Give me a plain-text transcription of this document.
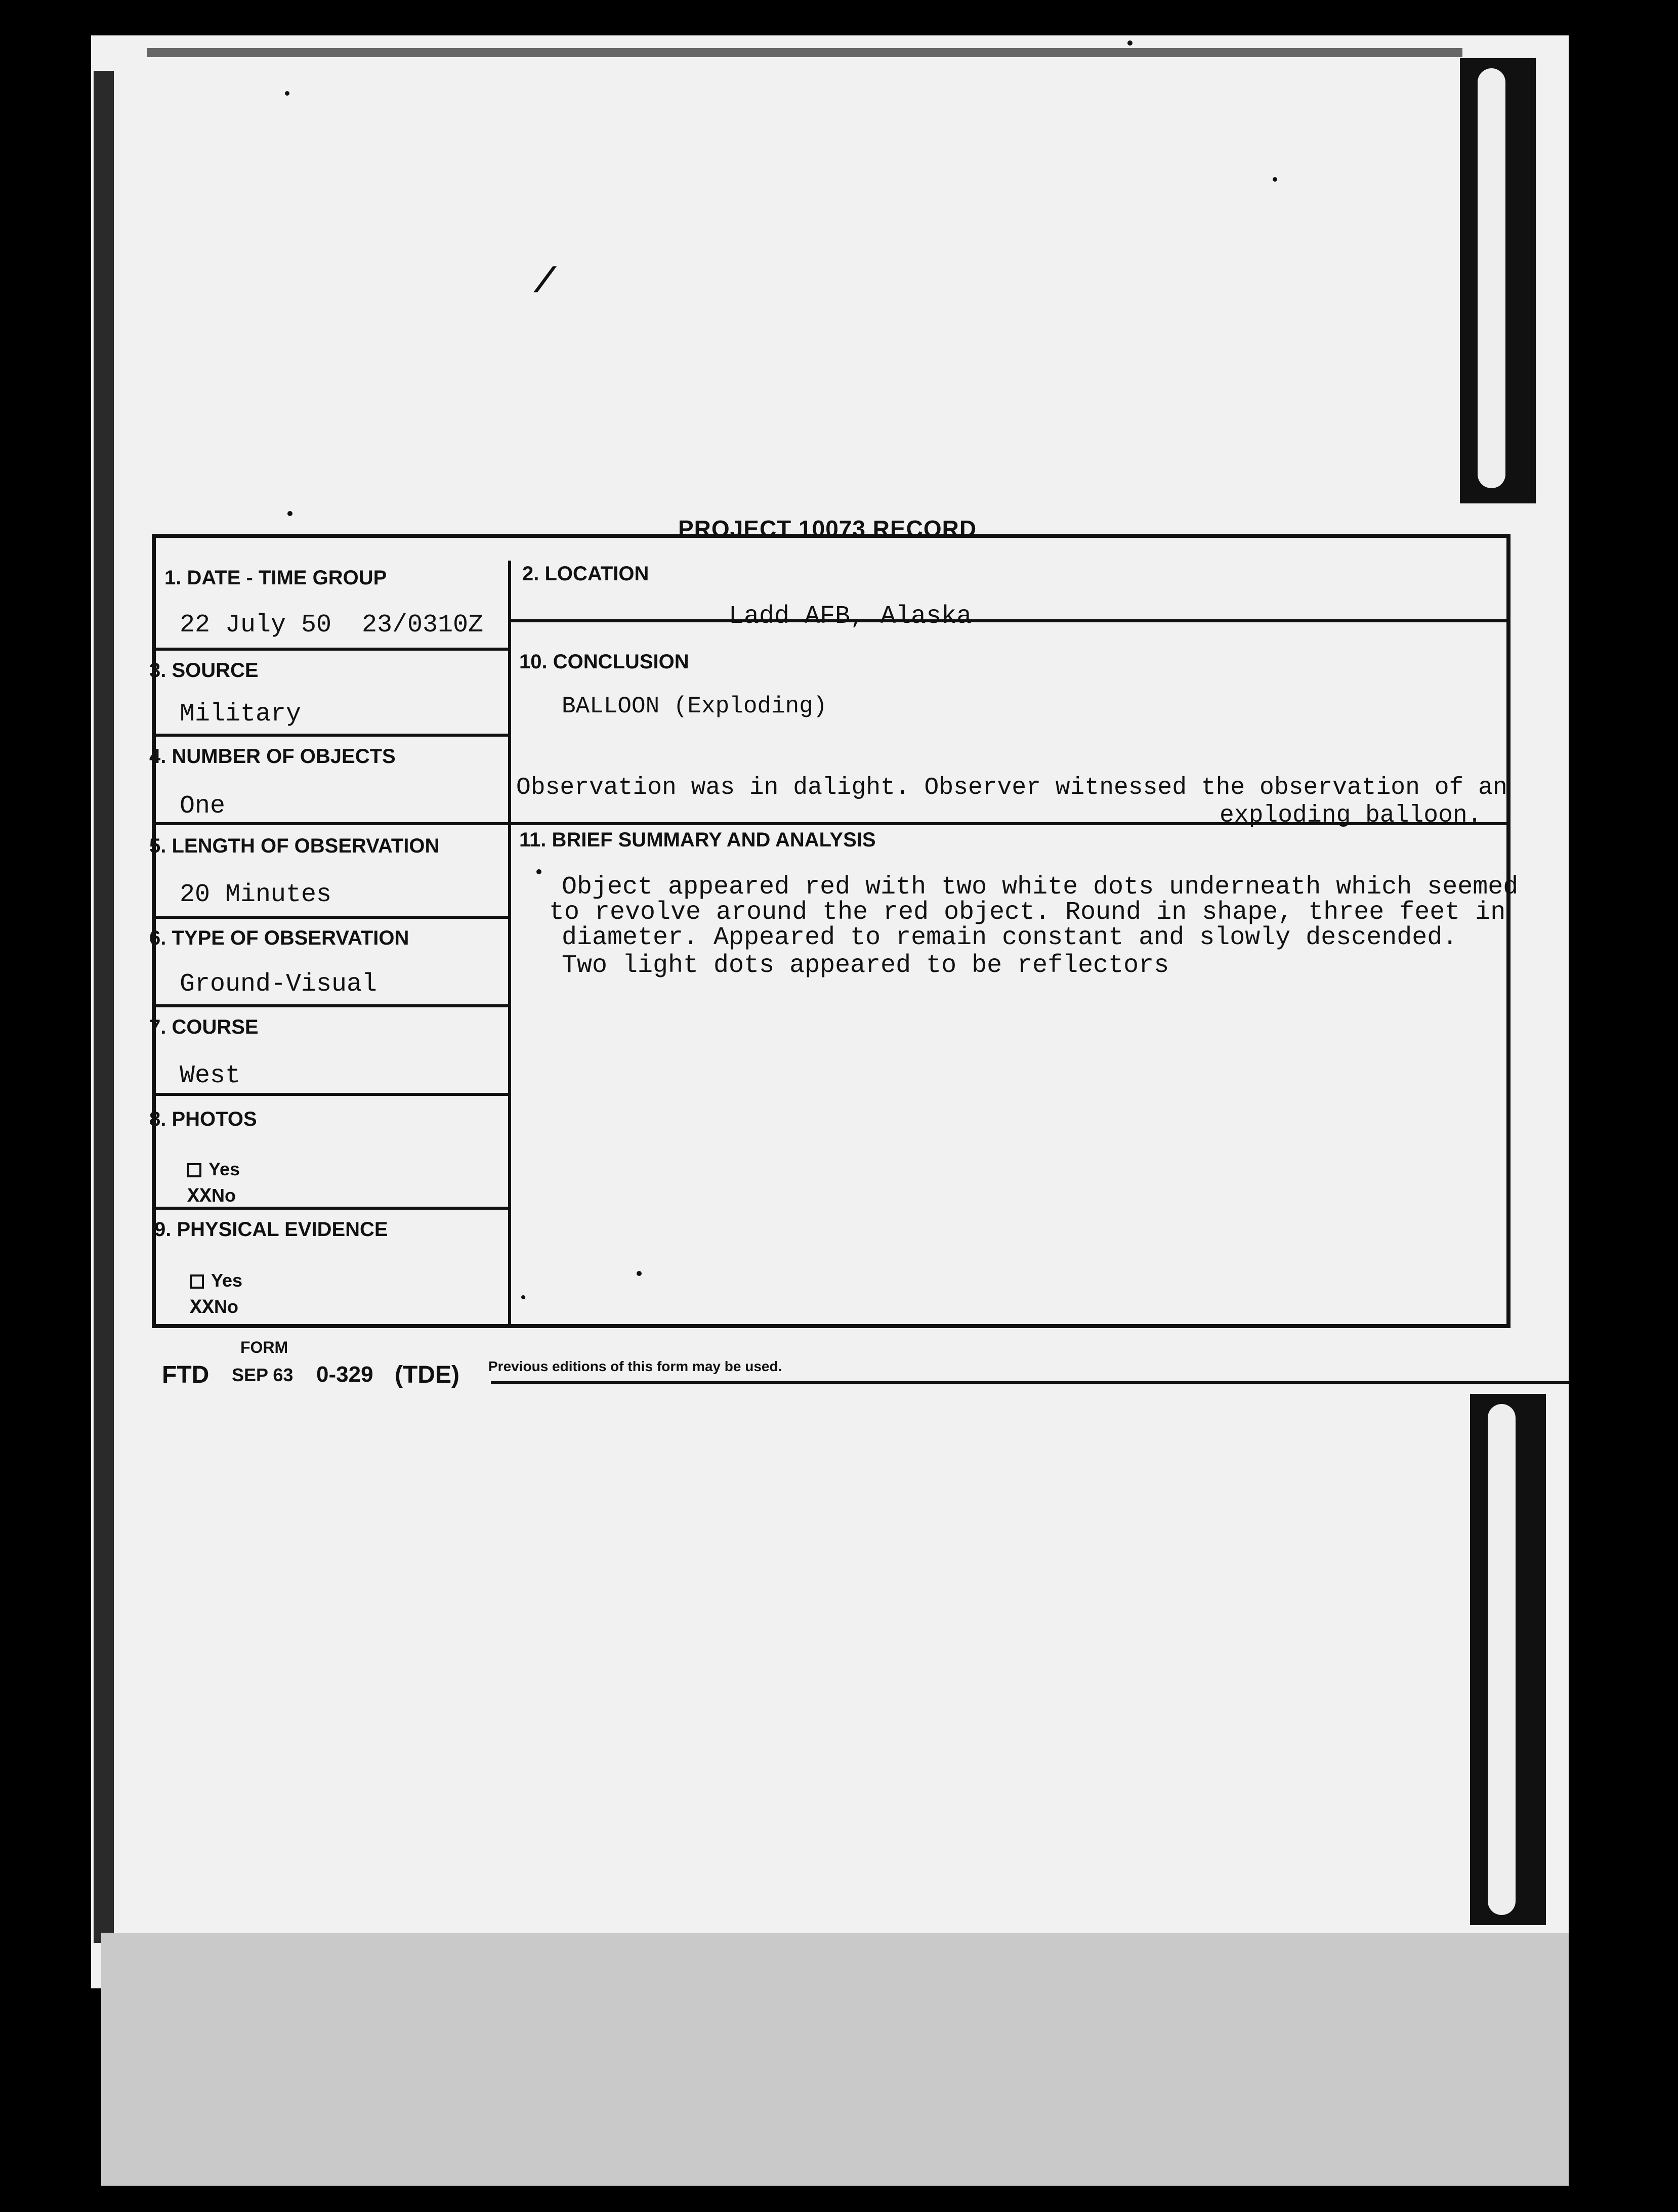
/
PROJECT 10073 RECORD
1. DATE - TIME GROUP
22 July 50 23/0310Z
2. LOCATION
Ladd AFB, Alaska
3. SOURCE
Military
10. CONCLUSION
BALLOON (Exploding)
4. NUMBER OF OBJECTS
One
Observation was in dalight. Observer witnessed the observation of an
exploding balloon.
5. LENGTH OF OBSERVATION
20 Minutes
11. BRIEF SUMMARY AND ANALYSIS
Object appeared red with two white dots underneath which seemed
to revolve around the red object. Round in shape, three feet in
diameter. Appeared to remain constant and slowly descended.
Two light dots appeared to be reflectors
6. TYPE OF OBSERVATION
Ground-Visual
7. COURSE
West
8. PHOTOS
Yes
XXNo
9. PHYSICAL EVIDENCE
Yes
XXNo
FORM
FTD SEP 63 0-329 (TDE) Previous editions of this form may be used.
